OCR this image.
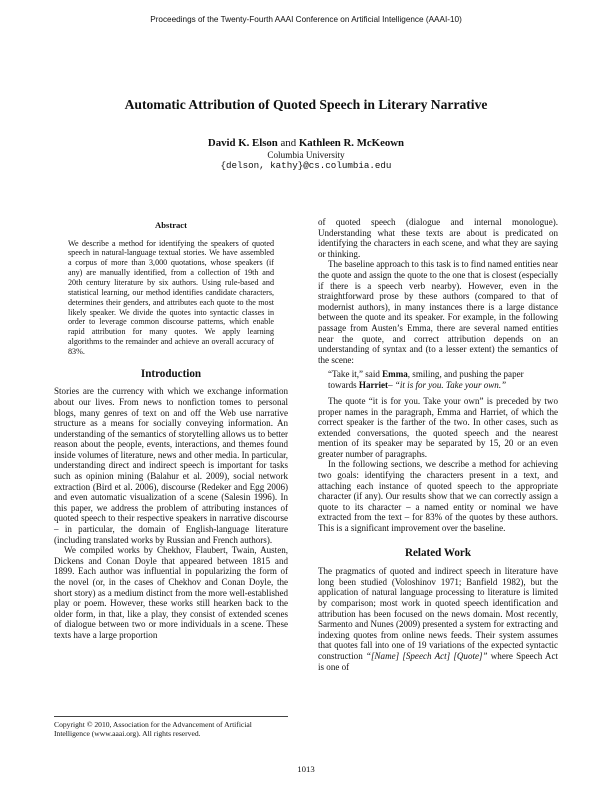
Proceedings of the Twenty-Fourth AAAI Conference on Artificial Intelligence (AAAI-10)
Automatic Attribution of Quoted Speech in Literary Narrative
David K. Elson and Kathleen R. McKeown
Columbia University
{delson, kathy}@cs.columbia.edu
Abstract

We describe a method for identifying the speakers of quoted speech in natural-language textual stories. We have assembled a corpus of more than 3,000 quotations, whose speakers (if any) are manually identified, from a collection of 19th and 20th century literature by six authors. Using rule-based and statistical learning, our method identifies candidate characters, determines their genders, and attributes each quote to the most likely speaker. We divide the quotes into syntactic classes in order to leverage common discourse patterns, which enable rapid attribution for many quotes. We apply learning algorithms to the remainder and achieve an overall accuracy of 83%.

Introduction

Stories are the currency with which we exchange information about our lives. From news to nonfiction tomes to personal blogs, many genres of text on and off the Web use narrative structure as a means for socially conveying information. An understanding of the semantics of storytelling allows us to better reason about the people, events, interactions, and themes found inside volumes of literature, news and other media. In particular, understanding direct and indirect speech is important for tasks such as opinion mining (Balahur et al. 2009), social network extraction (Bird et al. 2006), discourse (Redeker and Egg 2006) and even automatic visualization of a scene (Salesin 1996). In this paper, we address the problem of attributing instances of quoted speech to their respective speakers in narrative discourse – in particular, the domain of English-language literature (including translated works by Russian and French authors).

We compiled works by Chekhov, Flaubert, Twain, Austen, Dickens and Conan Doyle that appeared between 1815 and 1899. Each author was influential in popularizing the form of the novel (or, in the cases of Chekhov and Conan Doyle, the short story) as a medium distinct from the more well-established play or poem. However, these works still hearken back to the older form, in that, like a play, they consist of extended scenes of dialogue between two or more individuals in a scene. These texts have a large proportion

of quoted speech (dialogue and internal monologue). Understanding what these texts are about is predicated on identifying the characters in each scene, and what they are saying or thinking.

The baseline approach to this task is to find named entities near the quote and assign the quote to the one that is closest (especially if there is a speech verb nearby). However, even in the straightforward prose by these authors (compared to that of modernist authors), in many instances there is a large distance between the quote and its speaker. For example, in the following passage from Austen’s Emma, there are several named entities near the quote, and correct attribution depends on an understanding of syntax and (to a lesser extent) the semantics of the scene:

“Take it,” said Emma, smiling, and pushing the paper towards Harriet– “it is for you. Take your own.”

The quote “it is for you. Take your own” is preceded by two proper names in the paragraph, Emma and Harriet, of which the correct speaker is the farther of the two. In other cases, such as extended conversations, the quoted speech and the nearest mention of its speaker may be separated by 15, 20 or an even greater number of paragraphs.

In the following sections, we describe a method for achieving two goals: identifying the characters present in a text, and attaching each instance of quoted speech to the appropriate character (if any). Our results show that we can correctly assign a quote to its character – a named entity or nominal we have extracted from the text – for 83% of the quotes by these authors. This is a significant improvement over the baseline.

Related Work

The pragmatics of quoted and indirect speech in literature have long been studied (Voloshinov 1971; Banfield 1982), but the application of natural language processing to literature is limited by comparison; most work in quoted speech identification and attribution has been focused on the news domain. Most recently, Sarmento and Nunes (2009) presented a system for extracting and indexing quotes from online news feeds. Their system assumes that quotes fall into one of 19 variations of the expected syntactic construction “[Name] [Speech Act] [Quote]” where Speech Act is one of

Copyright © 2010, Association for the Advancement of Artificial Intelligence (www.aaai.org). All rights reserved.
1013
